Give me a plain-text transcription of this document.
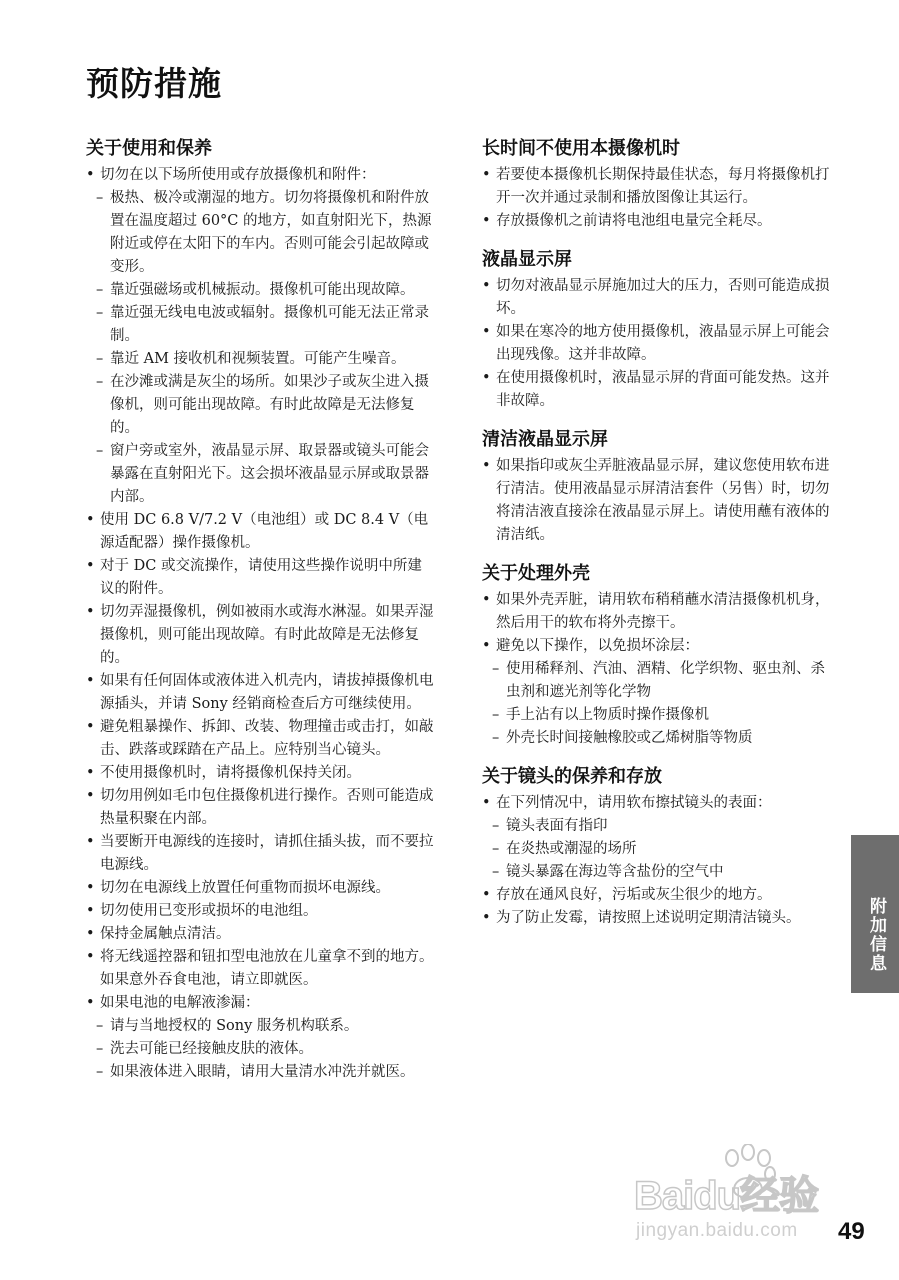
预防措施
关于使用和保养
• 切勿在以下场所使用或存放摄像机和附件：
– 极热、极冷或潮湿的地方。切勿将摄像机和附件放置在温度超过 60°C 的地方，如直射阳光下，热源附近或停在太阳下的车内。否则可能会引起故障或变形。
– 靠近强磁场或机械振动。摄像机可能出现故障。
– 靠近强无线电电波或辐射。摄像机可能无法正常录制。
– 靠近 AM 接收机和视频装置。可能产生噪音。
– 在沙滩或满是灰尘的场所。如果沙子或灰尘进入摄像机，则可能出现故障。有时此故障是无法修复的。
– 窗户旁或室外，液晶显示屏、取景器或镜头可能会暴露在直射阳光下。这会损坏液晶显示屏或取景器内部。
• 使用 DC 6.8 V/7.2 V（电池组）或 DC 8.4 V（电源适配器）操作摄像机。
• 对于 DC 或交流操作，请使用这些操作说明中所建议的附件。
• 切勿弄湿摄像机，例如被雨水或海水淋湿。如果弄湿摄像机，则可能出现故障。有时此故障是无法修复的。
• 如果有任何固体或液体进入机壳内，请拔掉摄像机电源插头，并请 Sony 经销商检查后方可继续使用。
• 避免粗暴操作、拆卸、改装、物理撞击或击打，如敲击、跌落或踩踏在产品上。应特别当心镜头。
• 不使用摄像机时，请将摄像机保持关闭。
• 切勿用例如毛巾包住摄像机进行操作。否则可能造成热量积聚在内部。
• 当要断开电源线的连接时，请抓住插头拔，而不要拉电源线。
• 切勿在电源线上放置任何重物而损坏电源线。
• 切勿使用已变形或损坏的电池组。
• 保持金属触点清洁。
• 将无线遥控器和钮扣型电池放在儿童拿不到的地方。如果意外吞食电池，请立即就医。
• 如果电池的电解液渗漏：
– 请与当地授权的 Sony 服务机构联系。
– 洗去可能已经接触皮肤的液体。
– 如果液体进入眼睛，请用大量清水冲洗并就医。
长时间不使用本摄像机时
• 若要使本摄像机长期保持最佳状态，每月将摄像机打开一次并通过录制和播放图像让其运行。
• 存放摄像机之前请将电池组电量完全耗尽。
液晶显示屏
• 切勿对液晶显示屏施加过大的压力，否则可能造成损坏。
• 如果在寒冷的地方使用摄像机，液晶显示屏上可能会出现残像。这并非故障。
• 在使用摄像机时，液晶显示屏的背面可能发热。这并非故障。
清洁液晶显示屏
• 如果指印或灰尘弄脏液晶显示屏，建议您使用软布进行清洁。使用液晶显示屏清洁套件（另售）时，切勿将清洁液直接涂在液晶显示屏上。请使用蘸有液体的清洁纸。
关于处理外壳
• 如果外壳弄脏，请用软布稍稍蘸水清洁摄像机机身，然后用干的软布将外壳擦干。
• 避免以下操作，以免损坏涂层：
– 使用稀释剂、汽油、酒精、化学织物、驱虫剂、杀虫剂和遮光剂等化学物
– 手上沾有以上物质时操作摄像机
– 外壳长时间接触橡胶或乙烯树脂等物质
关于镜头的保养和存放
• 在下列情况中，请用软布擦拭镜头的表面：
– 镜头表面有指印
– 在炎热或潮湿的场所
– 镜头暴露在海边等含盐份的空气中
• 存放在通风良好，污垢或灰尘很少的地方。
• 为了防止发霉，请按照上述说明定期清洁镜头。	附加信息
Baidu经验
jingyan.baidu.com 49
